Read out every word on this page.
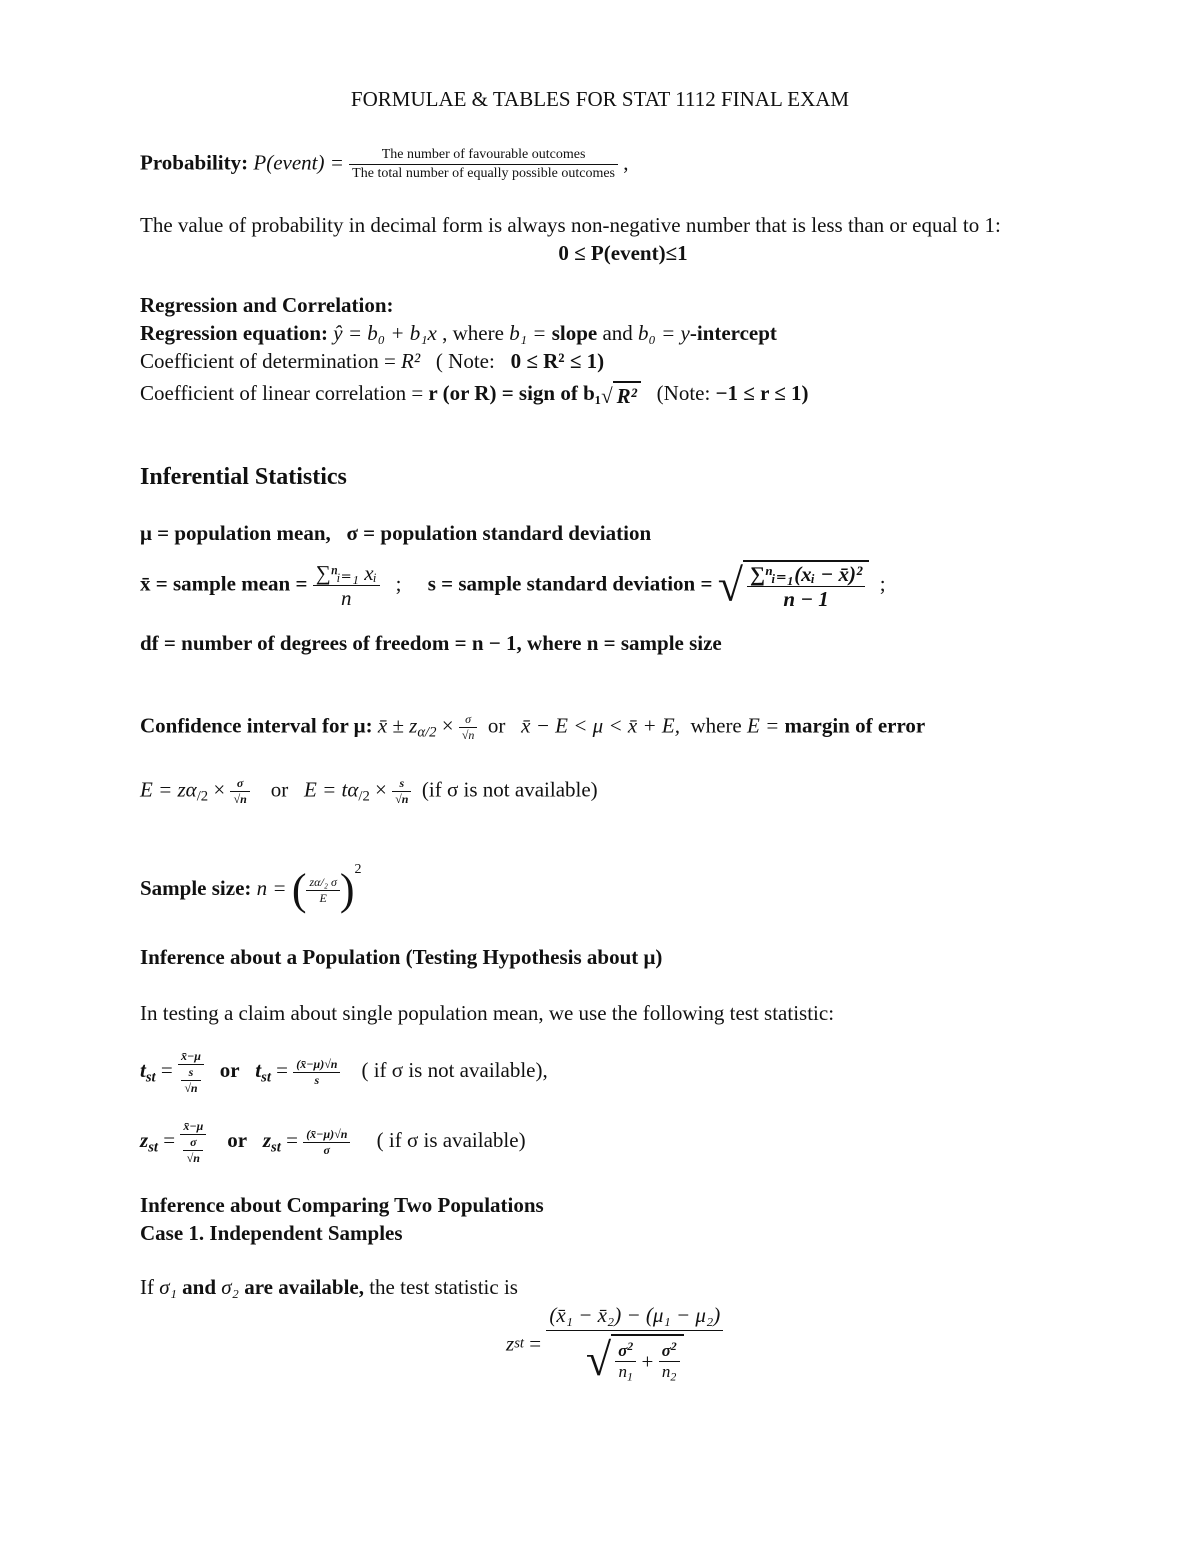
FORMULAE & TABLES FOR STAT 1112 FINAL EXAM
Probability: P(event) = $\frac{\text{The number of favourable outcomes}}{\text{The total number of equally possible outcomes}}$ ,
The value of probability in decimal form is always non-negative number that is less than or equal to 1:
0 ≤ P(event)≤1
Regression and Correlation:
Regression equation: ŷ = b₀ + b₁x , where b₁ = slope and b₀ = y-intercept
Coefficient of determination = R² ( Note: 0 ≤ R² ≤ 1)
Coefficient of linear correlation = r (or R) = sign of b₁√ R² (Note: −1 ≤ r ≤ 1)
Inferential Statistics
μ = population mean, σ = population standard deviation
x̄ = sample mean = $\frac{\text{∑ⁿᵢ₌₁ xᵢ}}{n}$ ; s = sample standard deviation = √ $\frac{\text{∑ⁿᵢ₌₁(xᵢ − x̄)²}}{n - 1}$ ;
df = number of degrees of freedom = n − 1, where n = sample size
Confidence interval for μ: x̄ ± $z_{\alpha/2} \times \frac{\sigma}{√n}$ or x̄ − E < μ < x̄ + E, where E = margin of error
$E = z\alpha_{/2} \times \frac{\sigma}{√n}$ or $E = t\alpha_{/2} \times \frac{s}{√n} (if$ σ is not available)
Sample size: n = ( $\frac{\text{zα/₂ σ}}{E} )^2$
Inference about a Population (Testing Hypothesis about μ)
In testing a claim about single population mean, we use the following test statistic:
$t_{st}$ = x̄−μ
s
√n or $t_{st} = \frac{(x̄-\mu)√n}{s}$ ( if σ is not available),
$z_{st}$ = x̄−μ
σ
√n or $z_{st} = \frac{(x̄-\mu)√n}{\sigma}$ ( if σ is available)
Inference about Comparing Two Populations
Case 1. Independent Samples
If σ₁ and σ₂ are available, the test statistic is
zst =
(x̄₁ − x̄₂) − (μ₁ − μ₂)
√ $\frac{\sigma^2}{n_1} + \frac{\sigma^2}{n_2}$
